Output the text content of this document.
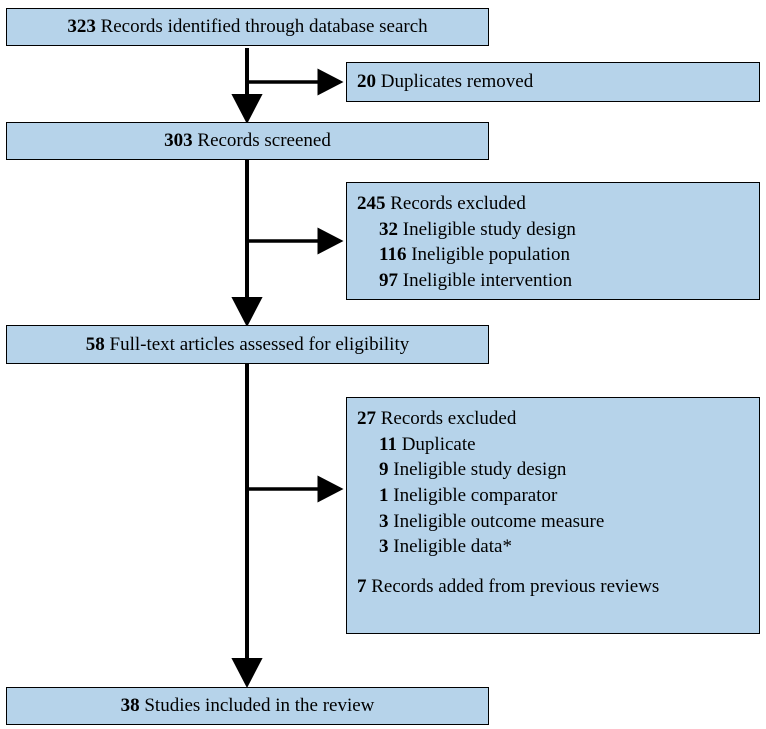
323 Records identified through database search
20 Duplicates removed
303 Records screened
245 Records excluded
32 Ineligible study design
116 Ineligible population
97 Ineligible intervention
58 Full-text articles assessed for eligibility
27 Records excluded
11 Duplicate
9 Ineligible study design
1 Ineligible comparator
3 Ineligible outcome measure
3 Ineligible data*
7 Records added from previous reviews
38 Studies included in the review
